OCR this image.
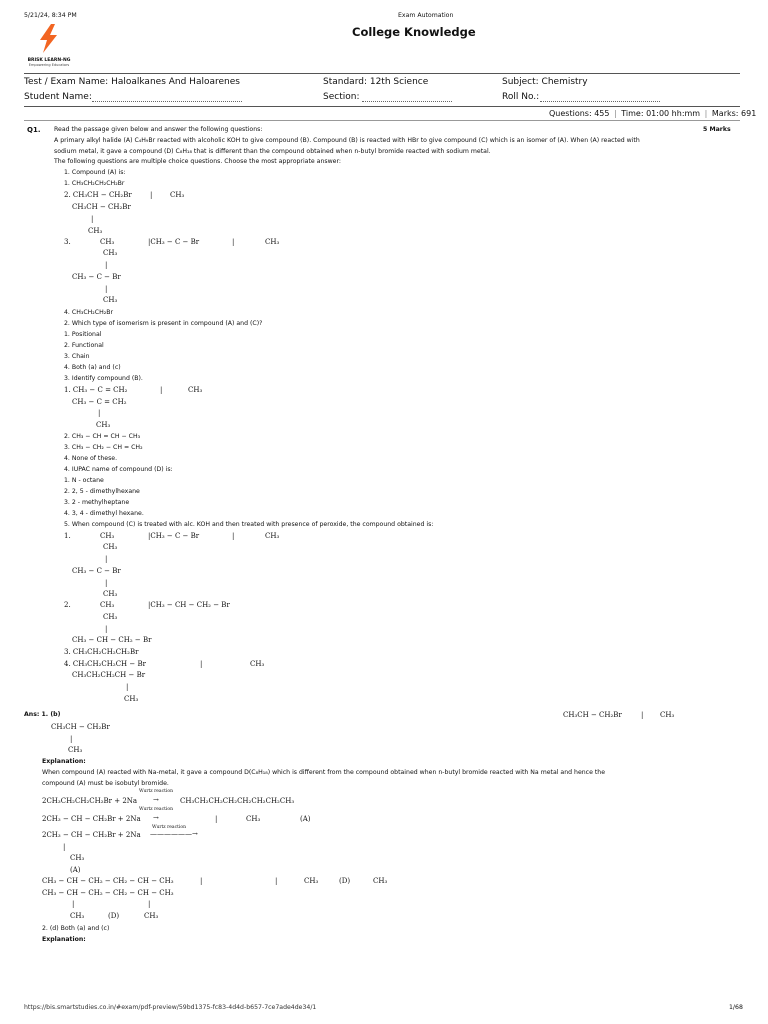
5/21/24, 8:34 PM	Exam Automation
BRISK LEARN-NG
Empowering Educators
College Knowledge
Test / Exam Name: Haloalkanes And Haloarenes	Standard: 12th Science	Subject: Chemistry
Student Name:	Section:	Roll No.:
Questions: 455 | Time: 01:00 hh:mm | Marks: 691
Q1.	5 Marks
Read the passage given below and answer the following questions:
A primary alkyl halide (A) C₄H₉Br reacted with alcoholic KOH to give compound (B). Compound (B) is reacted with HBr to give compound (C) which is an isomer of (A). When (A) reacted with
sodium metal, it gave a compound (D) C₈H₁₈ that is different than the compound obtained when n-butyl bromide reacted with sodium metal.
The following questions are multiple choice questions. Choose the most appropriate answer:
1. Compound (A) is:
1. CH₃CH₂CH₂CH₂Br
2. CH₃CH − CH₂Br	|	CH₃
CH₃CH − CH₂Br
|
CH₃
3.	CH₃	|CH₃ − C − Br	|	CH₃
CH₃
|
CH₃ − C − Br
|
CH₃
4. CH₃CH₂CH₂Br
2. Which type of isomerism is present in compound (A) and (C)?
1. Positional
2. Functional
3. Chain
4. Both (a) and (c)
3. Identify compound (B).
1. CH₃ − C = CH₂	|	CH₃
CH₃ − C = CH₂
|
CH₃
2. CH₃ − CH = CH − CH₃
3. CH₃ − CH₂ − CH = CH₂
4. None of these.
4. IUPAC name of compound (D) is:
1. N - octane
2. 2, 5 - dimethylhexane
3. 2 - methylheptane
4. 3, 4 - dimethyl hexane.
5. When compound (C) is treated with alc. KOH and then treated with presence of peroxide, the compound obtained is:
1.	CH₃	|CH₃ − C − Br	|	CH₃
CH₃
|
CH₃ − C − Br
|
CH₃
2.	CH₃	|CH₃ − CH − CH₂ − Br
CH₃
|
CH₃ − CH − CH₂ − Br
3. CH₃CH₂CH₂CH₂Br
4. CH₃CH₂CH₂CH − Br	|	CH₃
CH₃CH₂CH₂CH − Br
|
CH₃
Ans: 1. (b)	CH₃CH − CH₂Br	| CH₃
CH₃CH − CH₂Br
|
CH₃
Explanation:
When compound (A) reacted with Na-metal, it gave a compound D(C₈H₁₈) which is different from the compound obtained when n-butyl bromide reacted with Na metal and hence the
compound (A) must be isobutyl bromide.
Wurtz reaction
2CH₃CH₂CH₂CH₂Br + 2Na →	CH₃CH₂CH₂CH₂CH₂CH₂CH₂CH₃
Wurtz reaction
2CH₃ − CH − CH₂Br + 2Na →	|	CH₃	(A)
Wurtz reaction
2CH₃ − CH − CH₂Br + 2Na ——————→
|
CH₃
(A)
CH₃ − CH − CH₂ − CH₂ − CH − CH₃	|	|	CH₃	(D)	CH₃
CH₃ − CH − CH₂ − CH₂ − CH − CH₃
|	|
CH₃	(D)	CH₃
2. (d) Both (a) and (c)
Explanation:
https://bis.smartstudies.co.in/#exam/pdf-preview/59bd1375-fc83-4d4d-b657-7ce7ade4de34/1	1/68
